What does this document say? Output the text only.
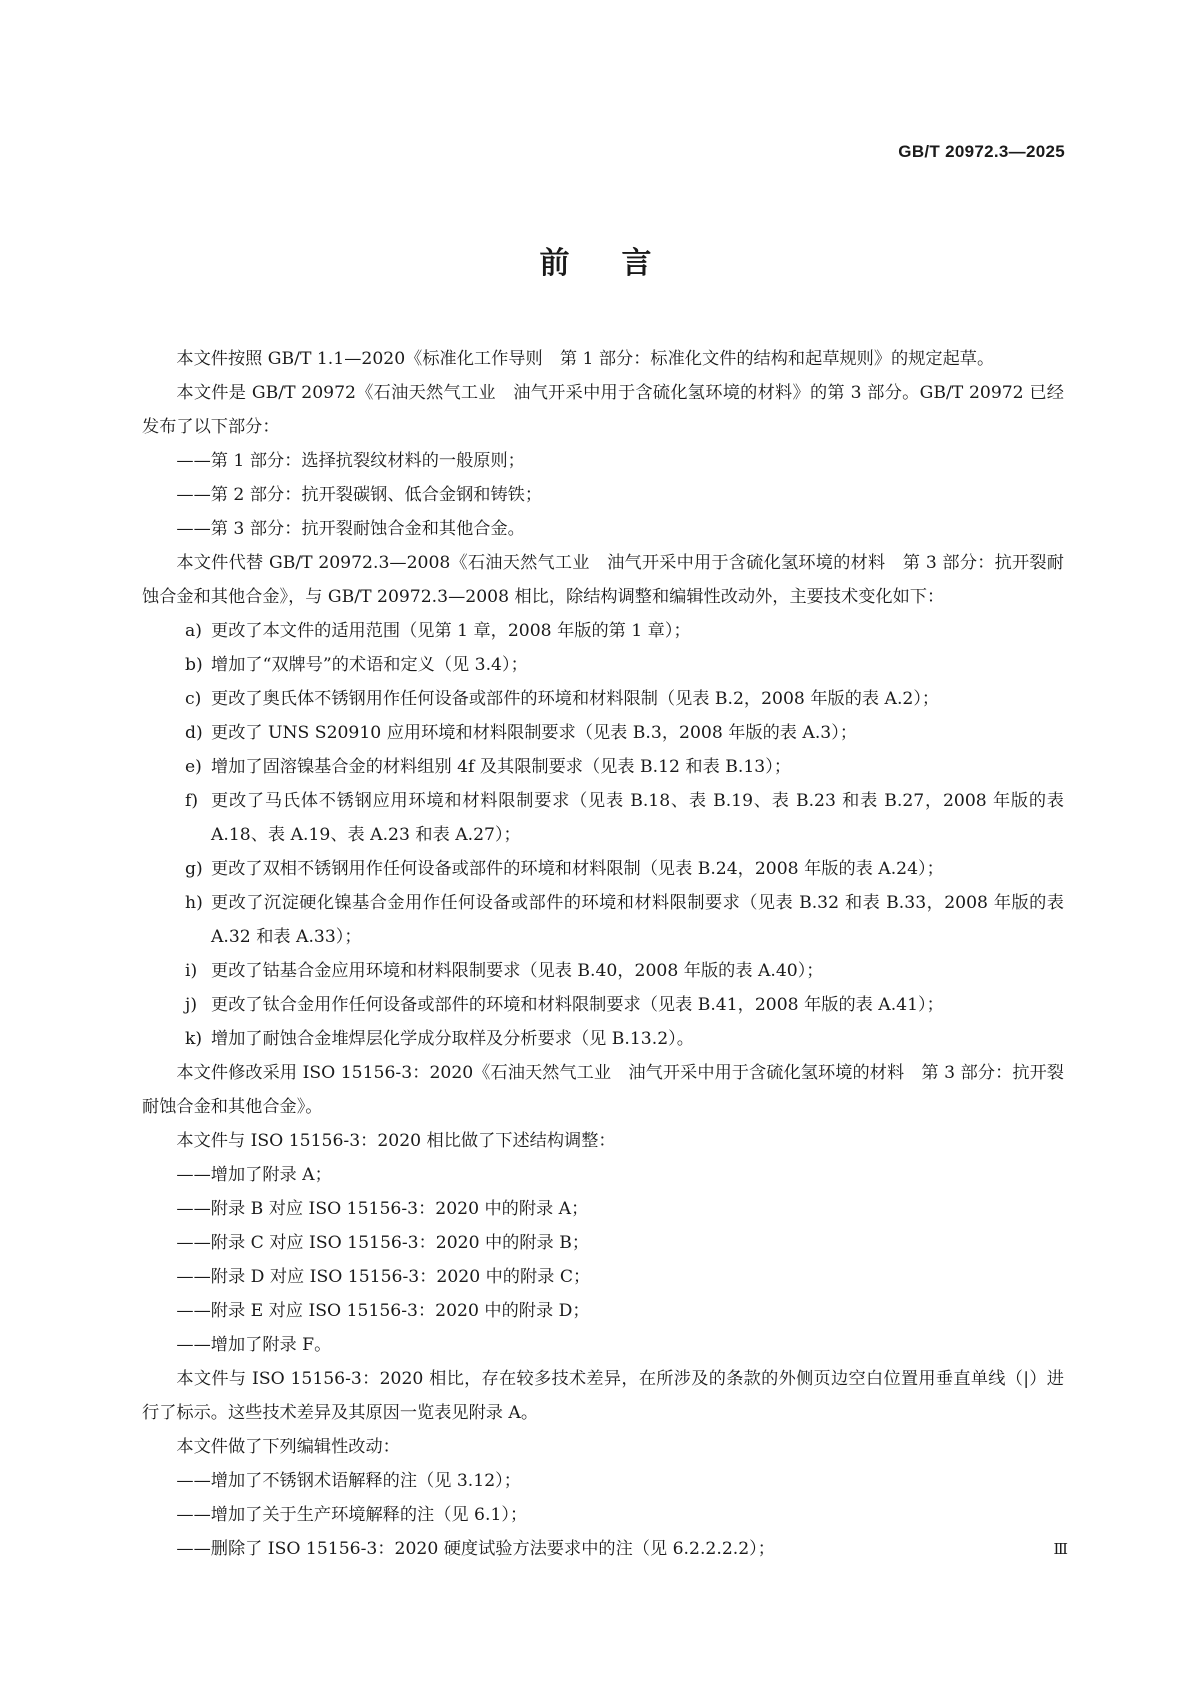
GB/T 20972.3—2025
前言

本文件按照 GB/T 1.1—2020《标准化工作导则　第 1 部分：标准化文件的结构和起草规则》的规定起草。

本文件是 GB/T 20972《石油天然气工业　油气开采中用于含硫化氢环境的材料》的第 3 部分。GB/T 20972 已经发布了以下部分：

——第 1 部分：选择抗裂纹材料的一般原则；

——第 2 部分：抗开裂碳钢、低合金钢和铸铁；

——第 3 部分：抗开裂耐蚀合金和其他合金。

本文件代替 GB/T 20972.3—2008《石油天然气工业　油气开采中用于含硫化氢环境的材料　第 3 部分：抗开裂耐蚀合金和其他合金》，与 GB/T 20972.3—2008 相比，除结构调整和编辑性改动外，主要技术变化如下：

a) 更改了本文件的适用范围（见第 1 章，2008 年版的第 1 章）；

b) 增加了“双牌号”的术语和定义（见 3.4）；

c) 更改了奥氏体不锈钢用作任何设备或部件的环境和材料限制（见表 B.2，2008 年版的表 A.2）；

d) 更改了 UNS S20910 应用环境和材料限制要求（见表 B.3，2008 年版的表 A.3）；

e) 增加了固溶镍基合金的材料组别 4f 及其限制要求（见表 B.12 和表 B.13）；

f) 更改了马氏体不锈钢应用环境和材料限制要求（见表 B.18、表 B.19、表 B.23 和表 B.27，2008 年版的表 A.18、表 A.19、表 A.23 和表 A.27）；

g) 更改了双相不锈钢用作任何设备或部件的环境和材料限制（见表 B.24，2008 年版的表 A.24）；

h) 更改了沉淀硬化镍基合金用作任何设备或部件的环境和材料限制要求（见表 B.32 和表 B.33，2008 年版的表 A.32 和表 A.33）；

i) 更改了钴基合金应用环境和材料限制要求（见表 B.40，2008 年版的表 A.40）；

j) 更改了钛合金用作任何设备或部件的环境和材料限制要求（见表 B.41，2008 年版的表 A.41）；

k) 增加了耐蚀合金堆焊层化学成分取样及分析要求（见 B.13.2）。

本文件修改采用 ISO 15156-3：2020《石油天然气工业　油气开采中用于含硫化氢环境的材料　第 3 部分：抗开裂耐蚀合金和其他合金》。

本文件与 ISO 15156-3：2020 相比做了下述结构调整：

——增加了附录 A；

——附录 B 对应 ISO 15156-3：2020 中的附录 A；

——附录 C 对应 ISO 15156-3：2020 中的附录 B；

——附录 D 对应 ISO 15156-3：2020 中的附录 C；

——附录 E 对应 ISO 15156-3：2020 中的附录 D；

——增加了附录 F。

本文件与 ISO 15156-3：2020 相比，存在较多技术差异，在所涉及的条款的外侧页边空白位置用垂直单线（|）进行了标示。这些技术差异及其原因一览表见附录 A。

本文件做了下列编辑性改动：

——增加了不锈钢术语解释的注（见 3.12）；

——增加了关于生产环境解释的注（见 6.1）；

——删除了 ISO 15156-3：2020 硬度试验方法要求中的注（见 6.2.2.2.2）；	Ⅲ
